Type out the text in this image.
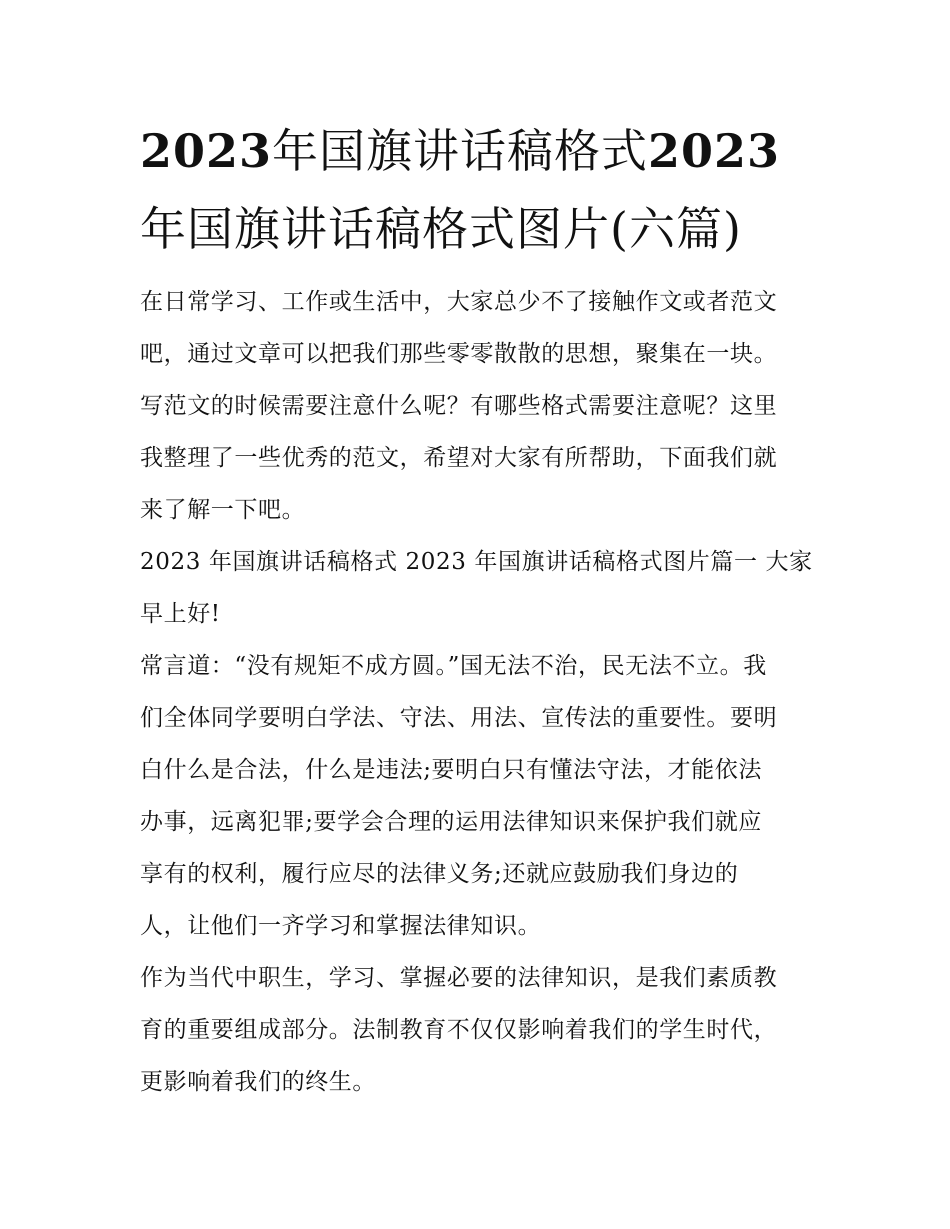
2023年国旗讲话稿格式2023
年国旗讲话稿格式图片(六篇)

在日常学习、工作或生活中，大家总少不了接触作文或者范文
吧，通过文章可以把我们那些零零散散的思想，聚集在一块。
写范文的时候需要注意什么呢？有哪些格式需要注意呢？这里
我整理了一些优秀的范文，希望对大家有所帮助，下面我们就
来了解一下吧。

2023 年国旗讲话稿格式 2023 年国旗讲话稿格式图片篇一 大家
早上好!

常言道：“没有规矩不成方圆。”国无法不治，民无法不立。我
们全体同学要明白学法、守法、用法、宣传法的重要性。要明
白什么是合法，什么是违法;要明白只有懂法守法，才能依法
办事，远离犯罪;要学会合理的运用法律知识来保护我们就应
享有的权利，履行应尽的法律义务;还就应鼓励我们身边的
人，让他们一齐学习和掌握法律知识。

作为当代中职生，学习、掌握必要的法律知识，是我们素质教
育的重要组成部分。法制教育不仅仅影响着我们的学生时代，
更影响着我们的终生。
